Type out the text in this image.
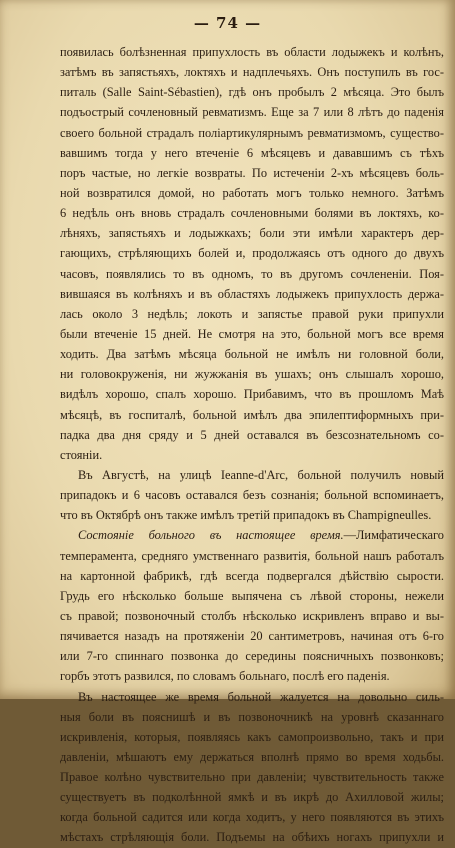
— 74 —
появилась болѣзненная припухлость въ области лодыжекъ и колѣнъ,
затѣмъ въ запястьяхъ, локтяхъ и надплечьяхъ. Онъ поступилъ въ гос-
питаль (Salle Saint-Sébastien), гдѣ онъ пробылъ 2 мѣсяца. Это былъ
подъострый сочленовный ревматизмъ. Еще за 7 или 8 лѣтъ до паденія
своего больной страдалъ поліартикулярнымъ ревматизмомъ, существо-
вавшимъ тогда у него втеченіе 6 мѣсяцевъ и дававшимъ съ тѣхъ
поръ частые, но легкіе возвраты. По истеченіи 2-хъ мѣсяцевъ боль-
ной возвратился домой, но работать могъ только немного. Затѣмъ
6 недѣль онъ вновь страдалъ сочленовными болями въ локтяхъ, ко-
лѣняхъ, запястьяхъ и лодыжкахъ; боли эти имѣли характеръ дер-
гающихъ, стрѣляющихъ болей и, продолжаясь отъ одного до двухъ
часовъ, появлялись то въ одномъ, то въ другомъ сочлененіи. Поя-
вившаяся въ колѣняхъ и въ областяхъ лодыжекъ припухлость держа-
лась около 3 недѣль; локоть и запястье правой руки припухли
были втеченіе 15 дней. Не смотря на это, больной могъ все время
ходить. Два затѣмъ мѣсяца больной не имѣлъ ни головной боли,
ни головокруженія, ни жужжанія въ ушахъ; онъ слышалъ хорошо,
видѣлъ хорошо, спалъ хорошо. Прибавимъ, что въ прошломъ Маѣ
мѣсяцѣ, въ госпиталѣ, больной имѣлъ два эпилептиформныхъ при-
падка два дня сряду и 5 дней оставался въ безсознательномъ со-
стояніи.
Въ Августѣ, на улицѣ Ieanne-d'Arc, больной получилъ новый
припадокъ и 6 часовъ оставался безъ сознанія; больной вспоминаетъ,
что въ Октябрѣ онъ также имѣлъ третій припадокъ въ Champigneulles.
Состояніе больного въ настоящее время.—Лимфатическаго
темперамента, средняго умственнаго развитія, больной нашъ работалъ
на картонной фабрикѣ, гдѣ всегда подвергался дѣйствію сырости.
Грудь его нѣсколько больше выпячена съ лѣвой стороны, нежели
съ правой; позвоночный столбъ нѣсколько искривленъ вправо и вы-
пячивается назадъ на протяженіи 20 сантиметровъ, начиная отъ 6-го
или 7-го спиннаго позвонка до середины поясничныхъ позвонковъ;
горбъ этотъ развился, по словамъ больнаго, послѣ его паденія.
Въ настоящее же время больной жалуется на довольно силь-
ныя боли въ пояснишѣ и въ позвоночникѣ на уровнѣ сказаннаго
искривленія, которыя, появляясь какъ самопроизвольно, такъ и при
давленіи, мѣшаютъ ему держаться вполнѣ прямо во время ходьбы.
Правое колѣно чувствительно при давленіи; чувствительность также
существуетъ въ подколѣнной ямкѣ и въ икрѣ до Ахилловой жилы;
когда больной садится или когда ходитъ, у него появляются въ этихъ
мѣстахъ стрѣляющія боли. Подъемы на обѣихъ ногахъ припухли и
